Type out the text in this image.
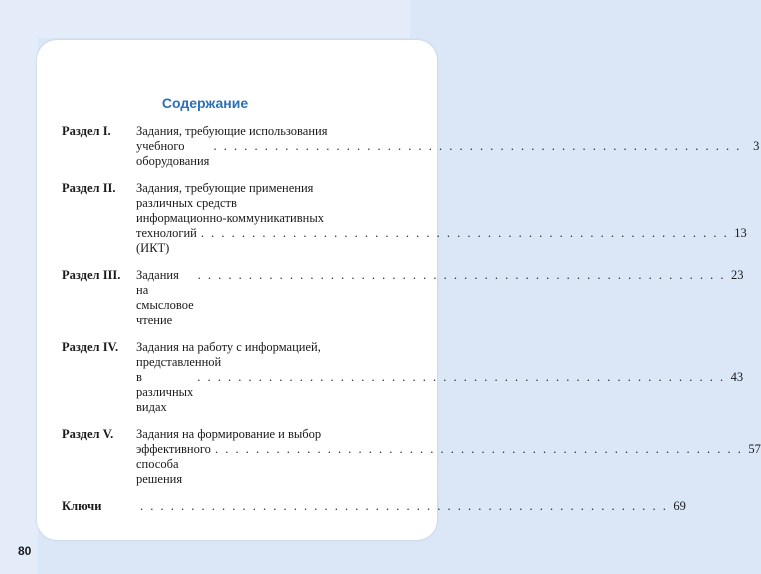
Содержание
Раздел I.	Задания, требующие использования
учебного оборудования
. . . . . . . . . . . . . . . . . . . . . . . . . . . . . . . . . . . . . . . . . . . . . . . . . . . . 3
Раздел II.	Задания, требующие применения
различных средств
информационно-коммуникативных
технологий (ИКТ)
. . . . . . . . . . . . . . . . . . . . . . . . . . . . . . . . . . . . . . . . . . . . . . . . . . . . 13
Раздел III.	Задания на смысловое чтение
. . . . . . . . . . . . . . . . . . . . . . . . . . . . . . . . . . . . . . . . . . . . . . . . . . . . 23
Раздел IV.	Задания на работу с информацией,
представленной
в различных видах
. . . . . . . . . . . . . . . . . . . . . . . . . . . . . . . . . . . . . . . . . . . . . . . . . . . . 43
Раздел V.	Задания на формирование и выбор
эффективного способа решения
. . . . . . . . . . . . . . . . . . . . . . . . . . . . . . . . . . . . . . . . . . . . . . . . . . . . 57
Ключи	. . . . . . . . . . . . . . . . . . . . . . . . . . . . . . . . . . . . . . . . . . . . . . . . . . . . 69
80
